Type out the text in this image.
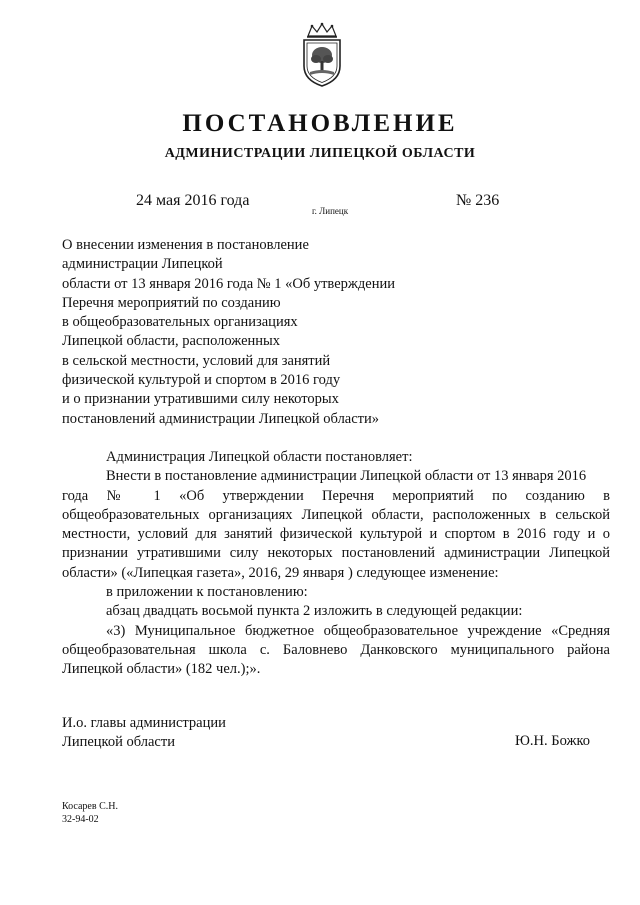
ПОСТАНОВЛЕНИЕ
АДМИНИСТРАЦИИ ЛИПЕЦКОЙ ОБЛАСТИ
24 мая 2016 года
г. Липецк
№ 236
О внесении изменения в постановление
администрации Липецкой
области от 13 января 2016 года № 1 «Об утверждении
Перечня мероприятий по созданию
в общеобразовательных организациях
Липецкой области, расположенных
в сельской местности, условий для занятий
физической культурой и спортом в 2016 году
и о признании утратившими силу некоторых
постановлений администрации Липецкой области»

Администрация Липецкой области постановляет:

Внести в постановление администрации Липецкой области от 13 января 2016

года № 1 «Об утверждении Перечня мероприятий по созданию в

общеобразовательных организациях Липецкой области, расположенных в сельской местности, условий для занятий физической культурой и спортом в 2016 году и о признании утратившими силу некоторых постановлений администрации Липецкой области» («Липецкая газета», 2016, 29 января ) следующее изменение:

в приложении к постановлению:

абзац двадцать восьмой пункта 2 изложить в следующей редакции:

«3) Муниципальное бюджетное общеобразовательное учреждение «Средняя общеобразовательная школа с. Баловнево Данковского муниципального района Липецкой области» (182 чел.);».

И.о. главы администрации
Липецкой области	Ю.Н. Божко
Косарев С.Н.
32-94-02
